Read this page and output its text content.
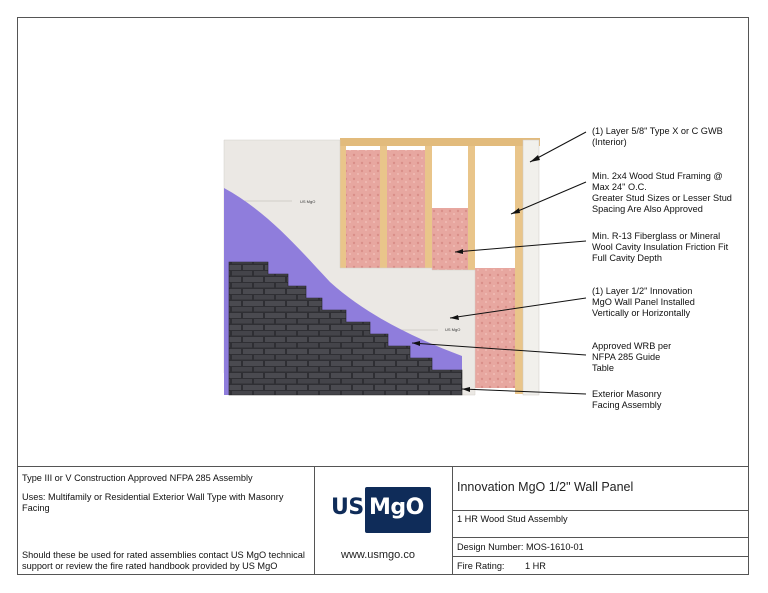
US MgO
US MgO
(1) Layer 5/8" Type X or C GWB
(Interior)
Min. 2x4 Wood Stud Framing @
Max 24" O.C.
Greater Stud Sizes or Lesser Stud
Spacing Are Also Approved
Min. R-13 Fiberglass or Mineral
Wool Cavity Insulation Friction Fit
Full Cavity Depth
(1) Layer 1/2" Innovation
MgO Wall Panel Installed
Vertically or Horizontally
Approved WRB per
NFPA 285 Guide
Table
Exterior Masonry
Facing Assembly
Type III or V Construction Approved NFPA 285 Assembly
Uses: Multifamily or Residential Exterior Wall Type with Masonry Facing
Should these be used for rated assemblies contact US MgO technical support or review the fire rated handbook provided by US MgO
US MgO
www.usmgo.co
Innovation MgO 1/2" Wall Panel
1 HR Wood Stud Assembly
Design Number: MOS-1610-01
Fire Rating: 1 HR
